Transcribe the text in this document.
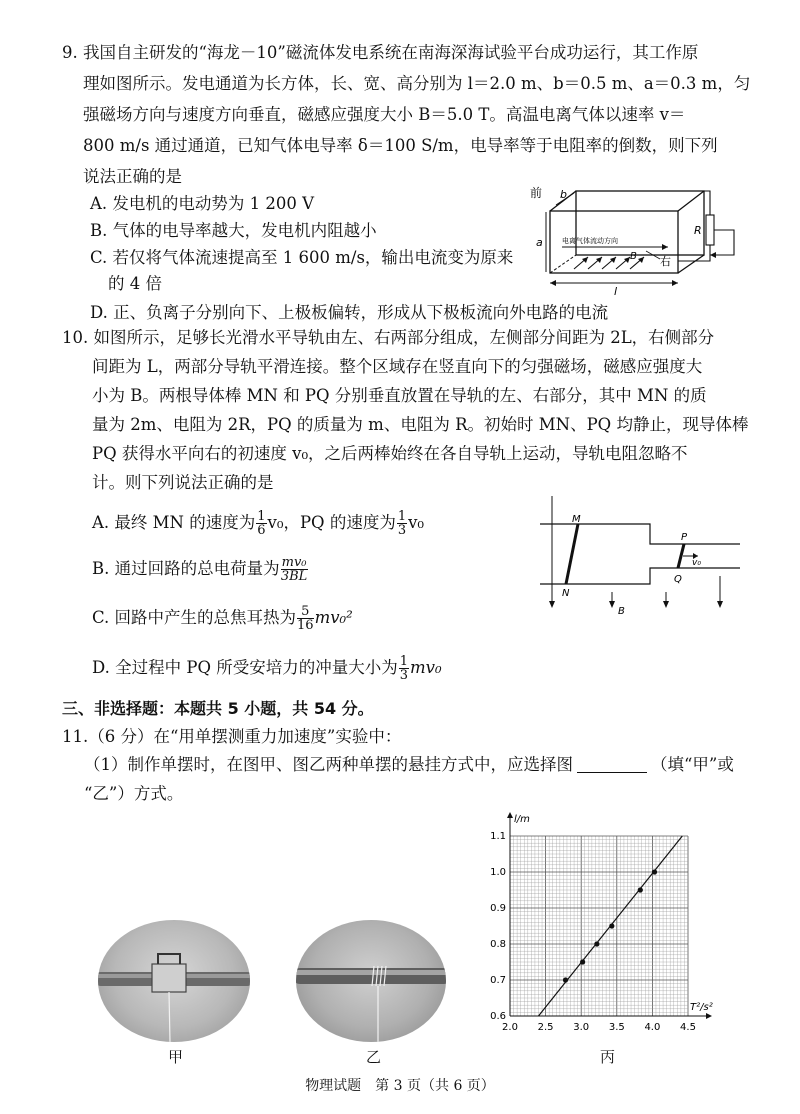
9. 我国自主研发的“海龙－10”磁流体发电系统在南海深海试验平台成功运行，其工作原
理如图所示。发电通道为长方体，长、宽、高分别为 l＝2.0 m、b＝0.5 m、a＝0.3 m，匀
强磁场方向与速度方向垂直，磁感应强度大小 B＝5.0 T。高温电离气体以速率 v＝
800 m/s 通过通道，已知气体电导率 δ＝100 S/m，电导率等于电阻率的倒数，则下列
说法正确的是
A. 发电机的电动势为 1 200 V
B. 气体的电导率越大，发电机内阻越小
C. 若仅将气体流速提高至 1 600 m/s，输出电流变为原来
的 4 倍
D. 正、负离子分别向下、上极板偏转，形成从下极板流向外电路的电流
a
b
前
l
电离气体流动方向
B 右
R
10. 如图所示，足够长光滑水平导轨由左、右两部分组成，左侧部分间距为 2L，右侧部分
间距为 L，两部分导轨平滑连接。整个区域存在竖直向下的匀强磁场，磁感应强度大
小为 B。两根导体棒 MN 和 PQ 分别垂直放置在导轨的左、右部分，其中 MN 的质
量为 2m、电阻为 2R，PQ 的质量为 m、电阻为 R。初始时 MN、PQ 均静止，现导体棒
PQ 获得水平向右的初速度 v₀，之后两棒始终在各自导轨上运动，导轨电阻忽略不
计。则下列说法正确的是
A. 最终 MN 的速度为 $\frac{1}{6} v_0$，PQ 的速度为 $\frac{1}{3} v_0$
B. 通过回路的总电荷量为 $\frac{\text{mv₀}}{3BL}$
C. 回路中产生的总焦耳热为 $\frac{5}{16} mv_0^2$
D. 全过程中 PQ 所受安培力的冲量大小为 $\frac{1}{3} mv_0$
M
N
P
Q
v₀
B
三、非选择题：本题共 5 小题，共 54 分。
11.（6 分）在“用单摆测重力加速度”实验中：
（1）制作单摆时，在图甲、图乙两种单摆的悬挂方式中，应选择图	（填“甲”或
“乙”）方式。
甲	乙
2.0 2.5 3.0 3.5 4.0 4.5
0.6
0.7
0.8
0.9
1.0
1.1
T²/s²
l/m
丙
物理试题　第 3 页（共 6 页）
